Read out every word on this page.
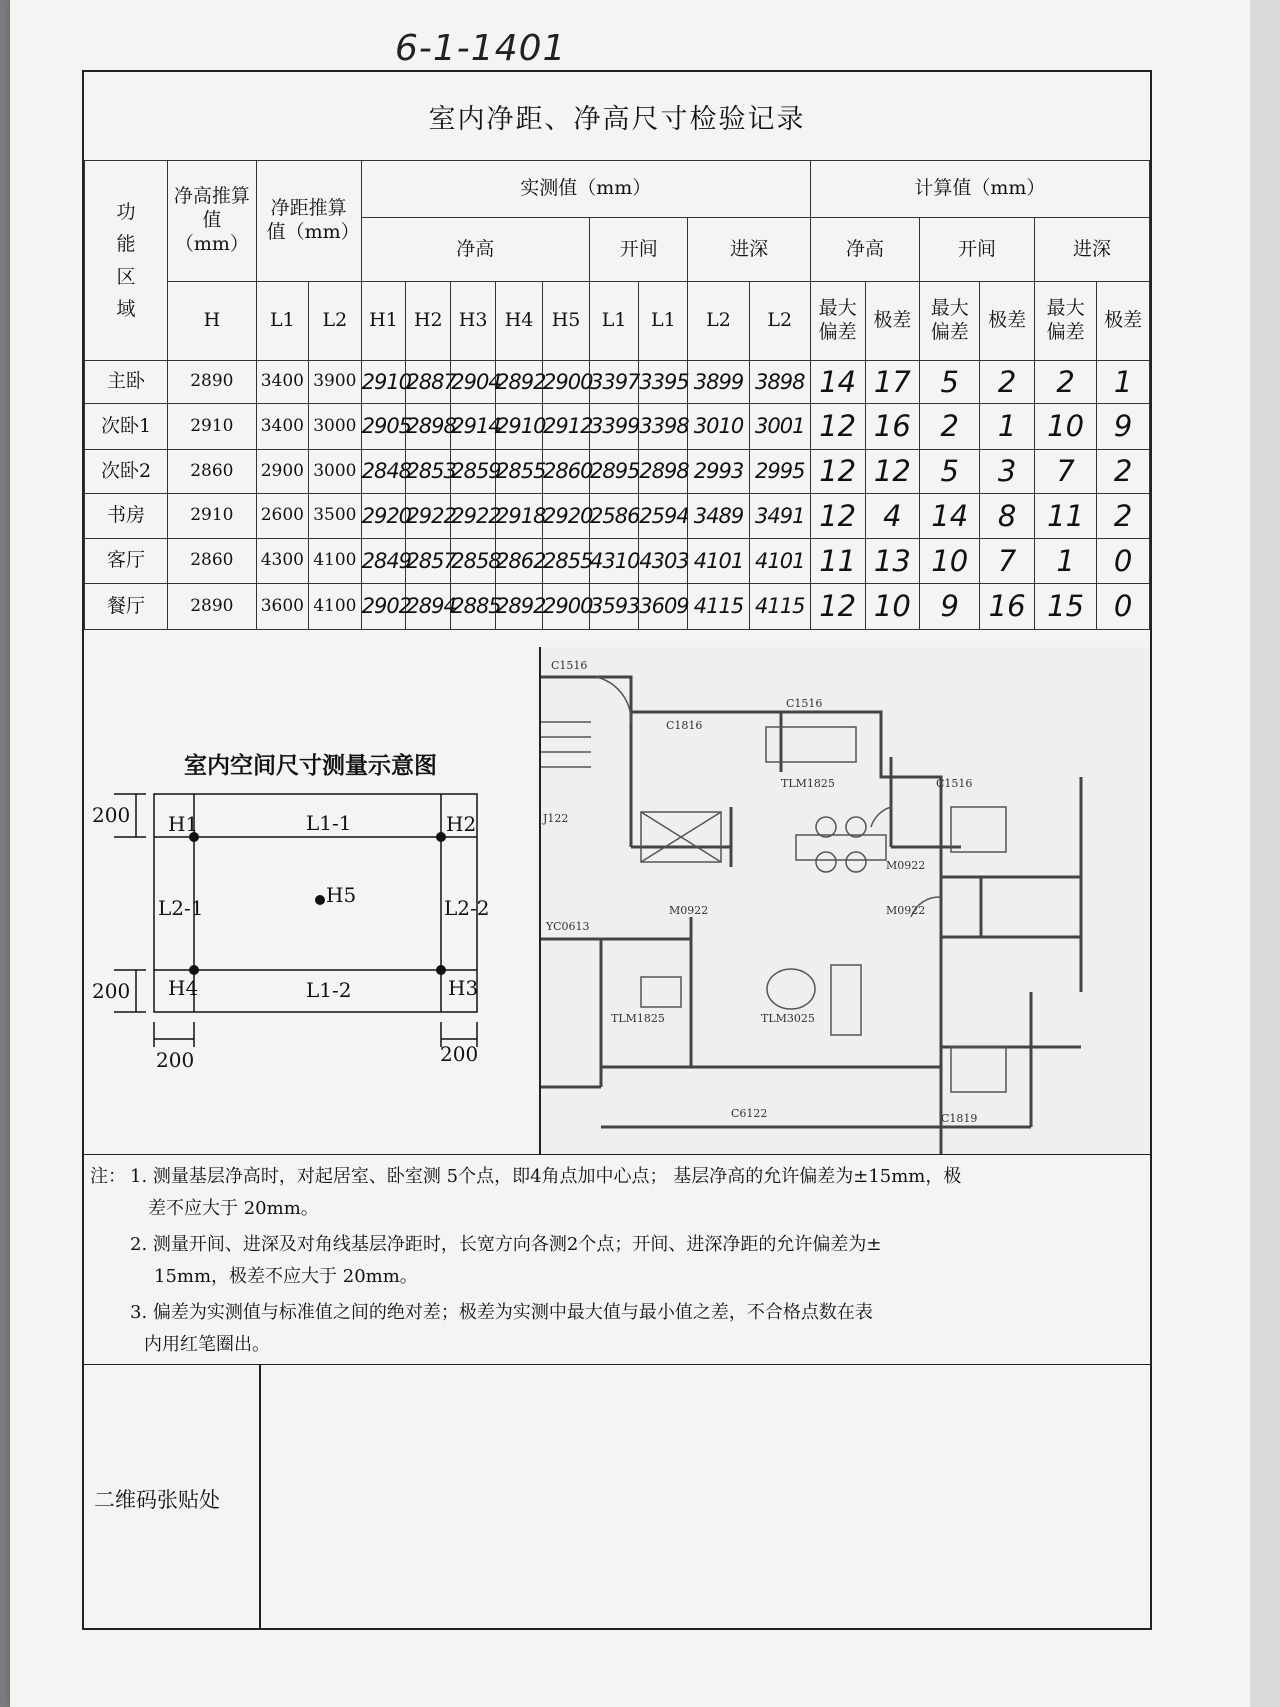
6-1-1401
室内净距、净高尺寸检验记录
功能区域	净高推算值（mm）	净距推算值（mm）		实测值（mm）									计算值（mm）					
				净高					开间		进深		净高		开间		进深	
	H	L1	L2	H1	H2	H3	H4	H5	L1	L1	L2	L2	最大偏差	极差	最大偏差	极差	最大偏差	极差
主卧	2890	3400	3900	2910	2887	2904	2892	2900	3397	3395	3899	3898	14	17	5	2	2	1
次卧1	2910	3400	3000	2905	2898	2914	2910	2912	3399	3398	3010	3001	12	16	2	1	10	9
次卧2	2860	2900	3000	2848	2853	2859	2855	2860	2895	2898	2993	2995	12	12	5	3	7	2
书房	2910	2600	3500	2920	2922	2922	2918	2920	2586	2594	3489	3491	12	4	14	8	11	2
客厅	2860	4300	4100	2849	2857	2858	2862	2855	4310	4303	4101	4101	11	13	10	7	1	0
餐厅	2890	3600	4100	2902	2894	2885	2892	2900	3593	3609	4115	4115	12	10	9	16	15	0
室内空间尺寸测量示意图
200
200
200	200
H1	H2
H3
H4
H5
L1-1
L1-2
L2-1	L2-2
C1516
C1516
C1816
TLM1825	C1516
M0922
M0922
M0922
YC0613
TLM1825	TLM3025
C6122	C1819
J122
注： 1. 测量基层净高时，对起居室、卧室测 5个点，即4角点加中心点； 基层净高的允许偏差为±15mm，极
差不应大于 20mm。
2. 测量开间、进深及对角线基层净距时，长宽方向各测2个点；开间、进深净距的允许偏差为±
15mm，极差不应大于 20mm。
3. 偏差为实测值与标准值之间的绝对差；极差为实测中最大值与最小值之差，不合格点数在表
内用红笔圈出。
二维码张贴处
